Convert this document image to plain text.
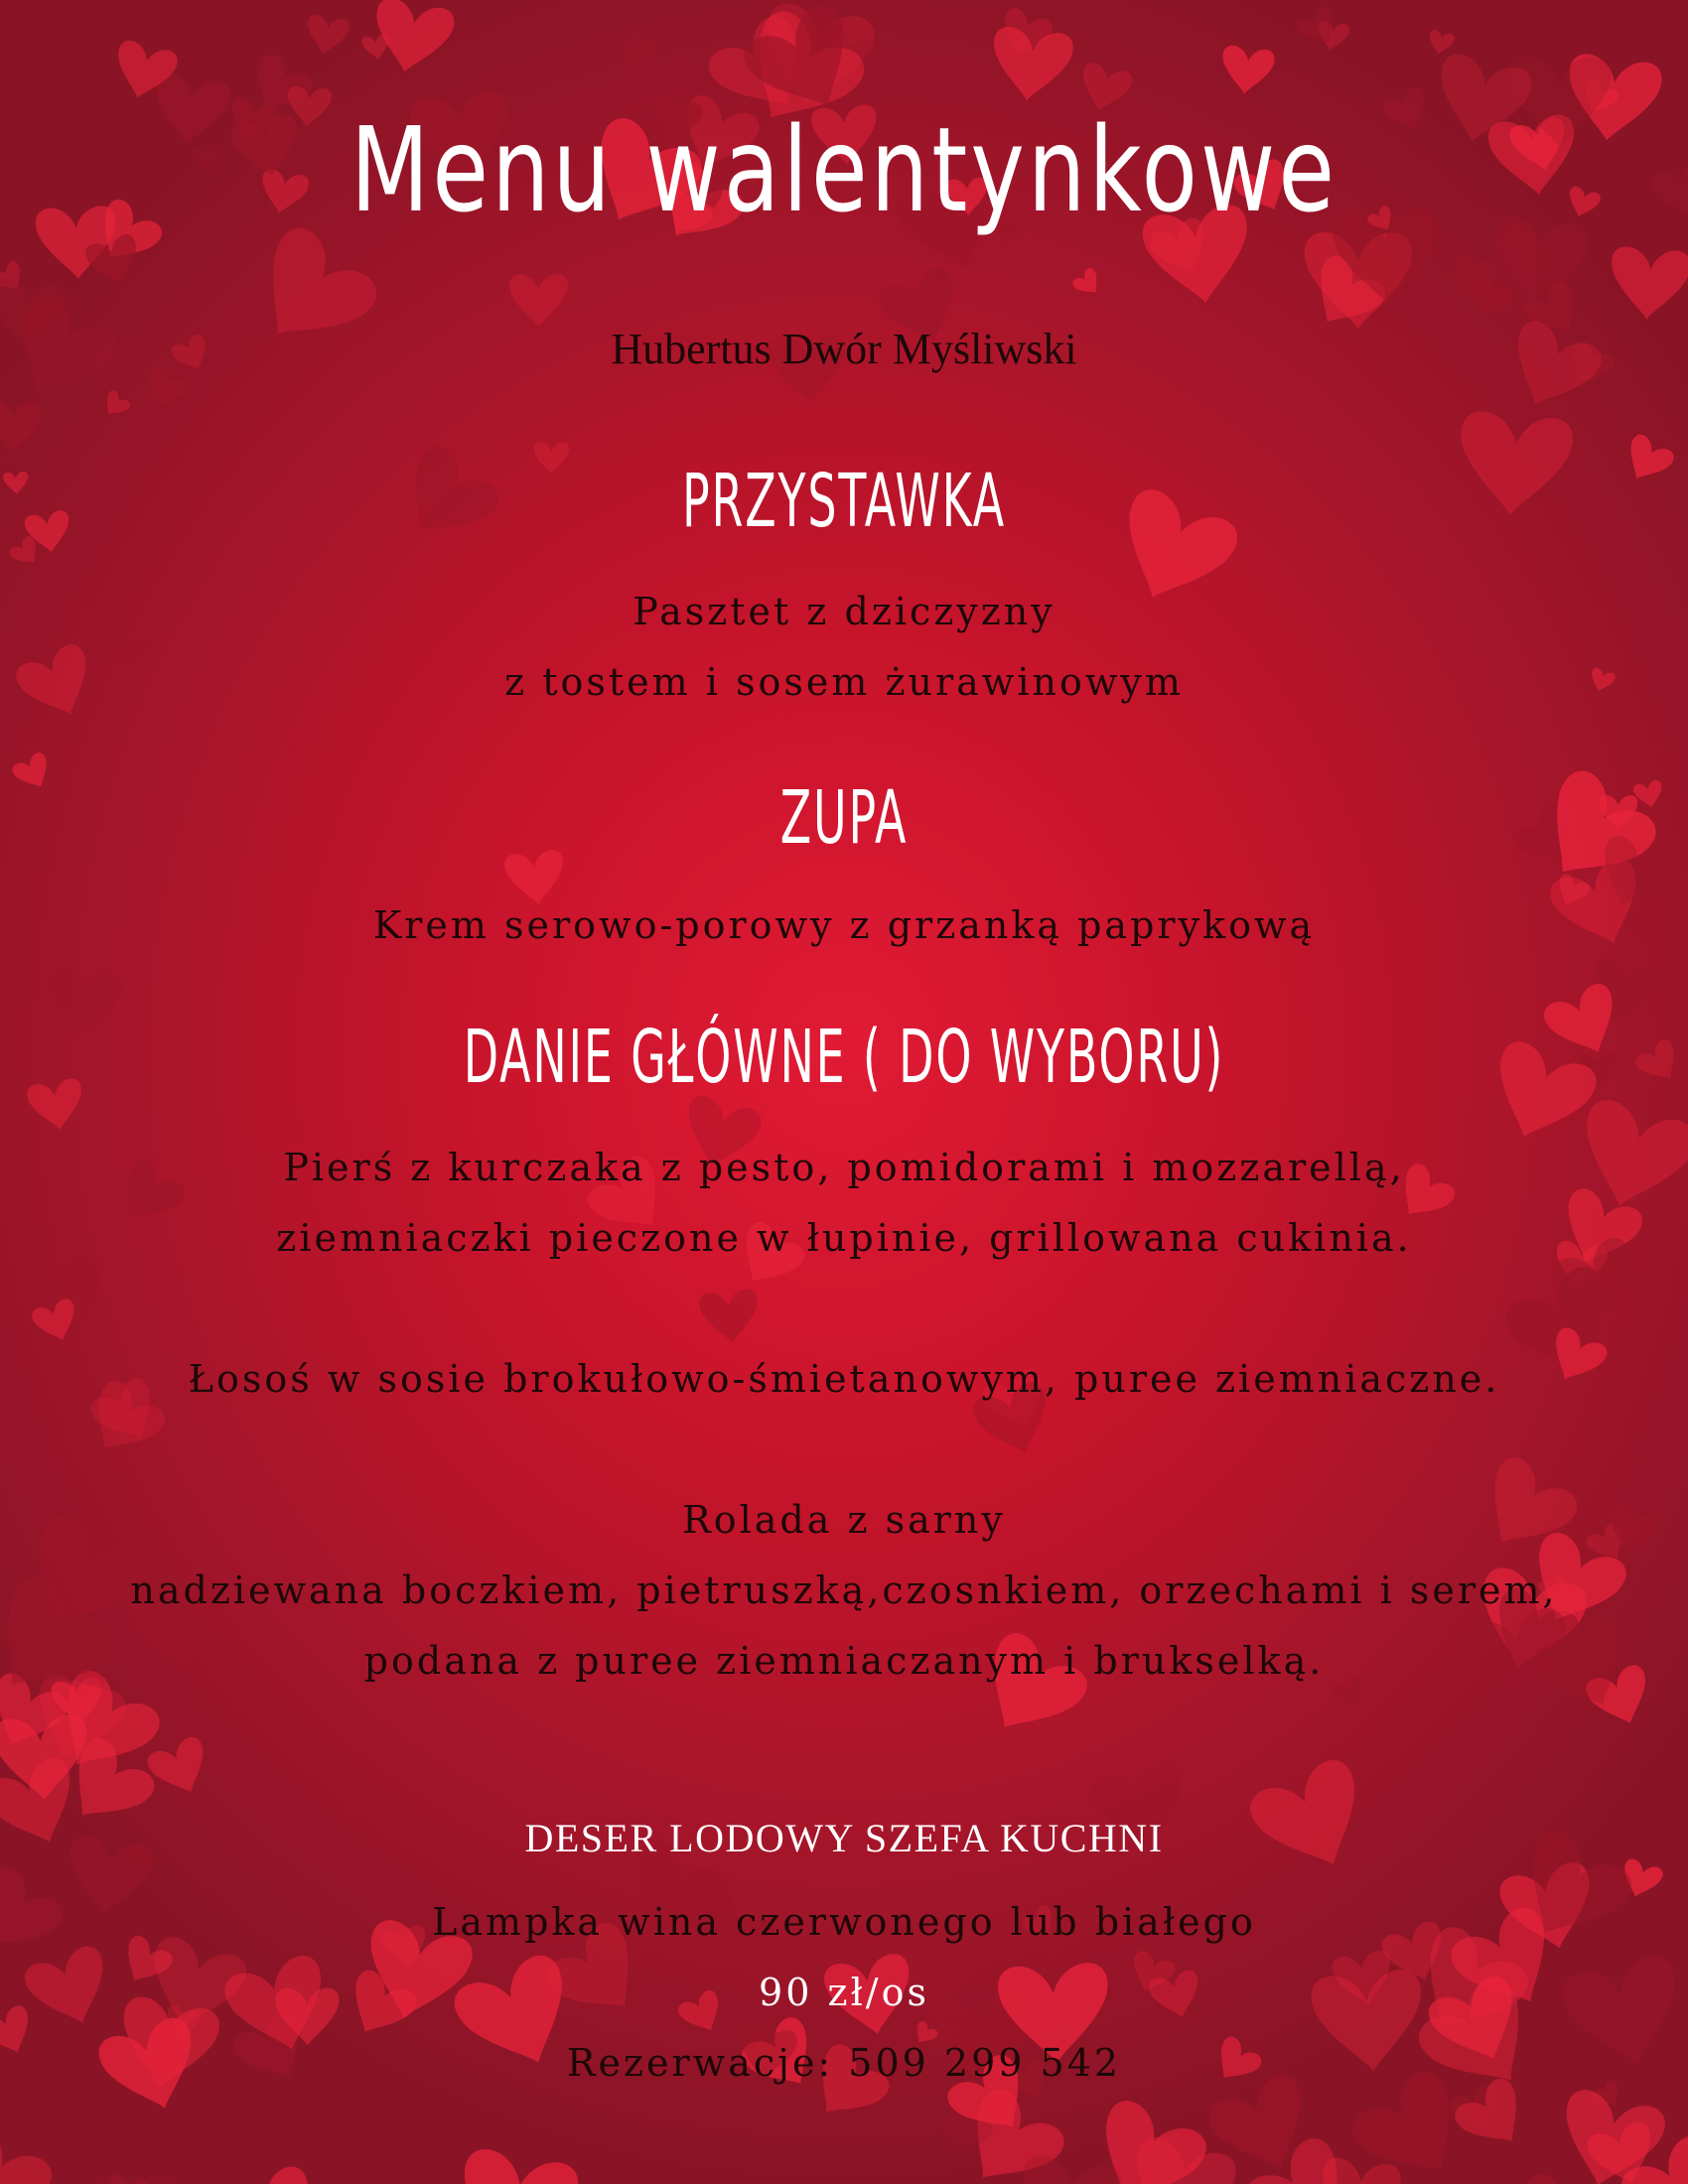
Menu walentynkowe
Hubertus Dwór Myśliwski
PRZYSTAWKA
Pasztet z dziczyzny
z tostem i sosem żurawinowym
ZUPA
Krem serowo-porowy z grzanką paprykową
DANIE GŁÓWNE ( DO WYBORU)
Pierś z kurczaka z pesto, pomidorami i mozzarellą,
ziemniaczki pieczone w łupinie, grillowana cukinia.
Łosoś w sosie brokułowo-śmietanowym, puree ziemniaczne.
Rolada z sarny
nadziewana boczkiem, pietruszką,czosnkiem, orzechami i serem,
podana z puree ziemniaczanym i brukselką.
DESER LODOWY SZEFA KUCHNI
Lampka wina czerwonego lub białego
90 zł/os
Rezerwacje: 509 299 542
